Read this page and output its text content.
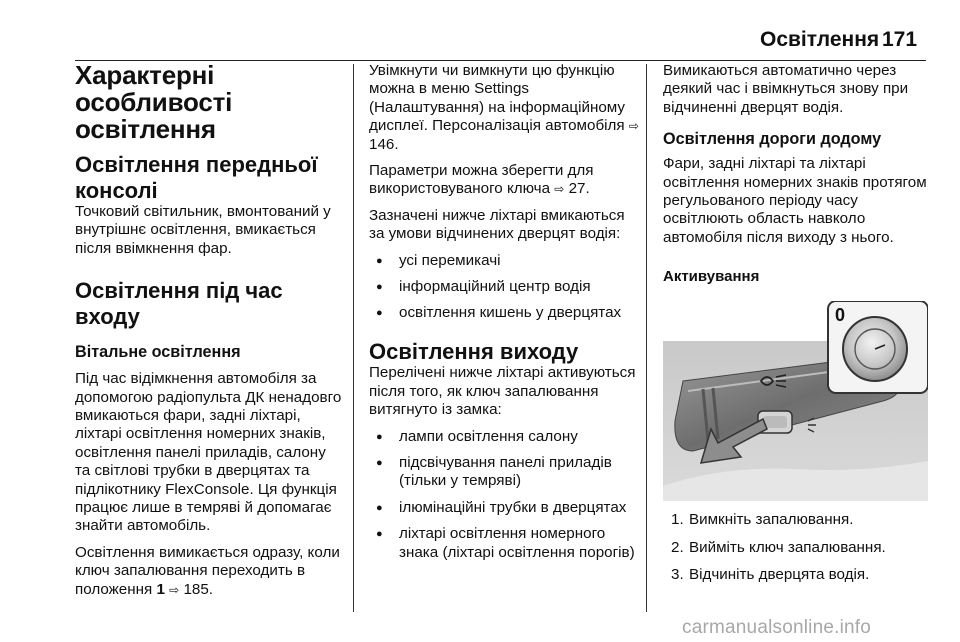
Освітлення 171
Характерні
особливості
освітлення
Освітлення передньої
консолі

Точковий світильник, вмонтований у внутрішнє освітлення, вмикається після ввімкнення фар.

Освітлення під час входу
Вітальне освітлення

Під час відімкнення автомобіля за допомогою радіопульта ДК ненадовго вмикаються фари, задні ліхтарі, ліхтарі освітлення номерних знаків, освітлення панелі приладів, салону та світлові трубки в дверцятах та підлікотнику FlexConsole. Ця функція працює лише в темряві й допомагає знайти автомобіль.

Освітлення вимикається одразу, коли ключ запалювання переходить в положення 1 ⇨ 185.

Увімкнути чи вимкнути цю функцію можна в меню Settings (Налаштування) на інформаційному дисплеї. Персоналізація автомобіля ⇨ 146.

Параметри можна зберегти для використовуваного ключа ⇨ 27.

Зазначені нижче ліхтарі вмикаються за умови відчинених дверцят водія:

● усі перемикачі
● інформаційний центр водія
● освітлення кишень у дверцятах
Освітлення виходу

Перелічені нижче ліхтарі активуються після того, як ключ запалювання витягнуто із замка:

● лампи освітлення салону
● підсвічування панелі приладів (тільки у темряві)
● ілюмінаційні трубки в дверцятах
● ліхтарі освітлення номерного знака (ліхтарі освітлення порогів)

Вимикаються автоматично через деякий час і ввімкнуться знову при відчиненні дверцят водія.

Освітлення дороги додому

Фари, задні ліхтарі та ліхтарі освітлення номерних знаків протягом регульованого періоду часу освітлюють область навколо автомобіля після виходу з нього.

Активування
0
1. Вимкніть запалювання.
2. Вийміть ключ запалювання.
3. Відчиніть дверцята водія.
carmanualsonline.info
